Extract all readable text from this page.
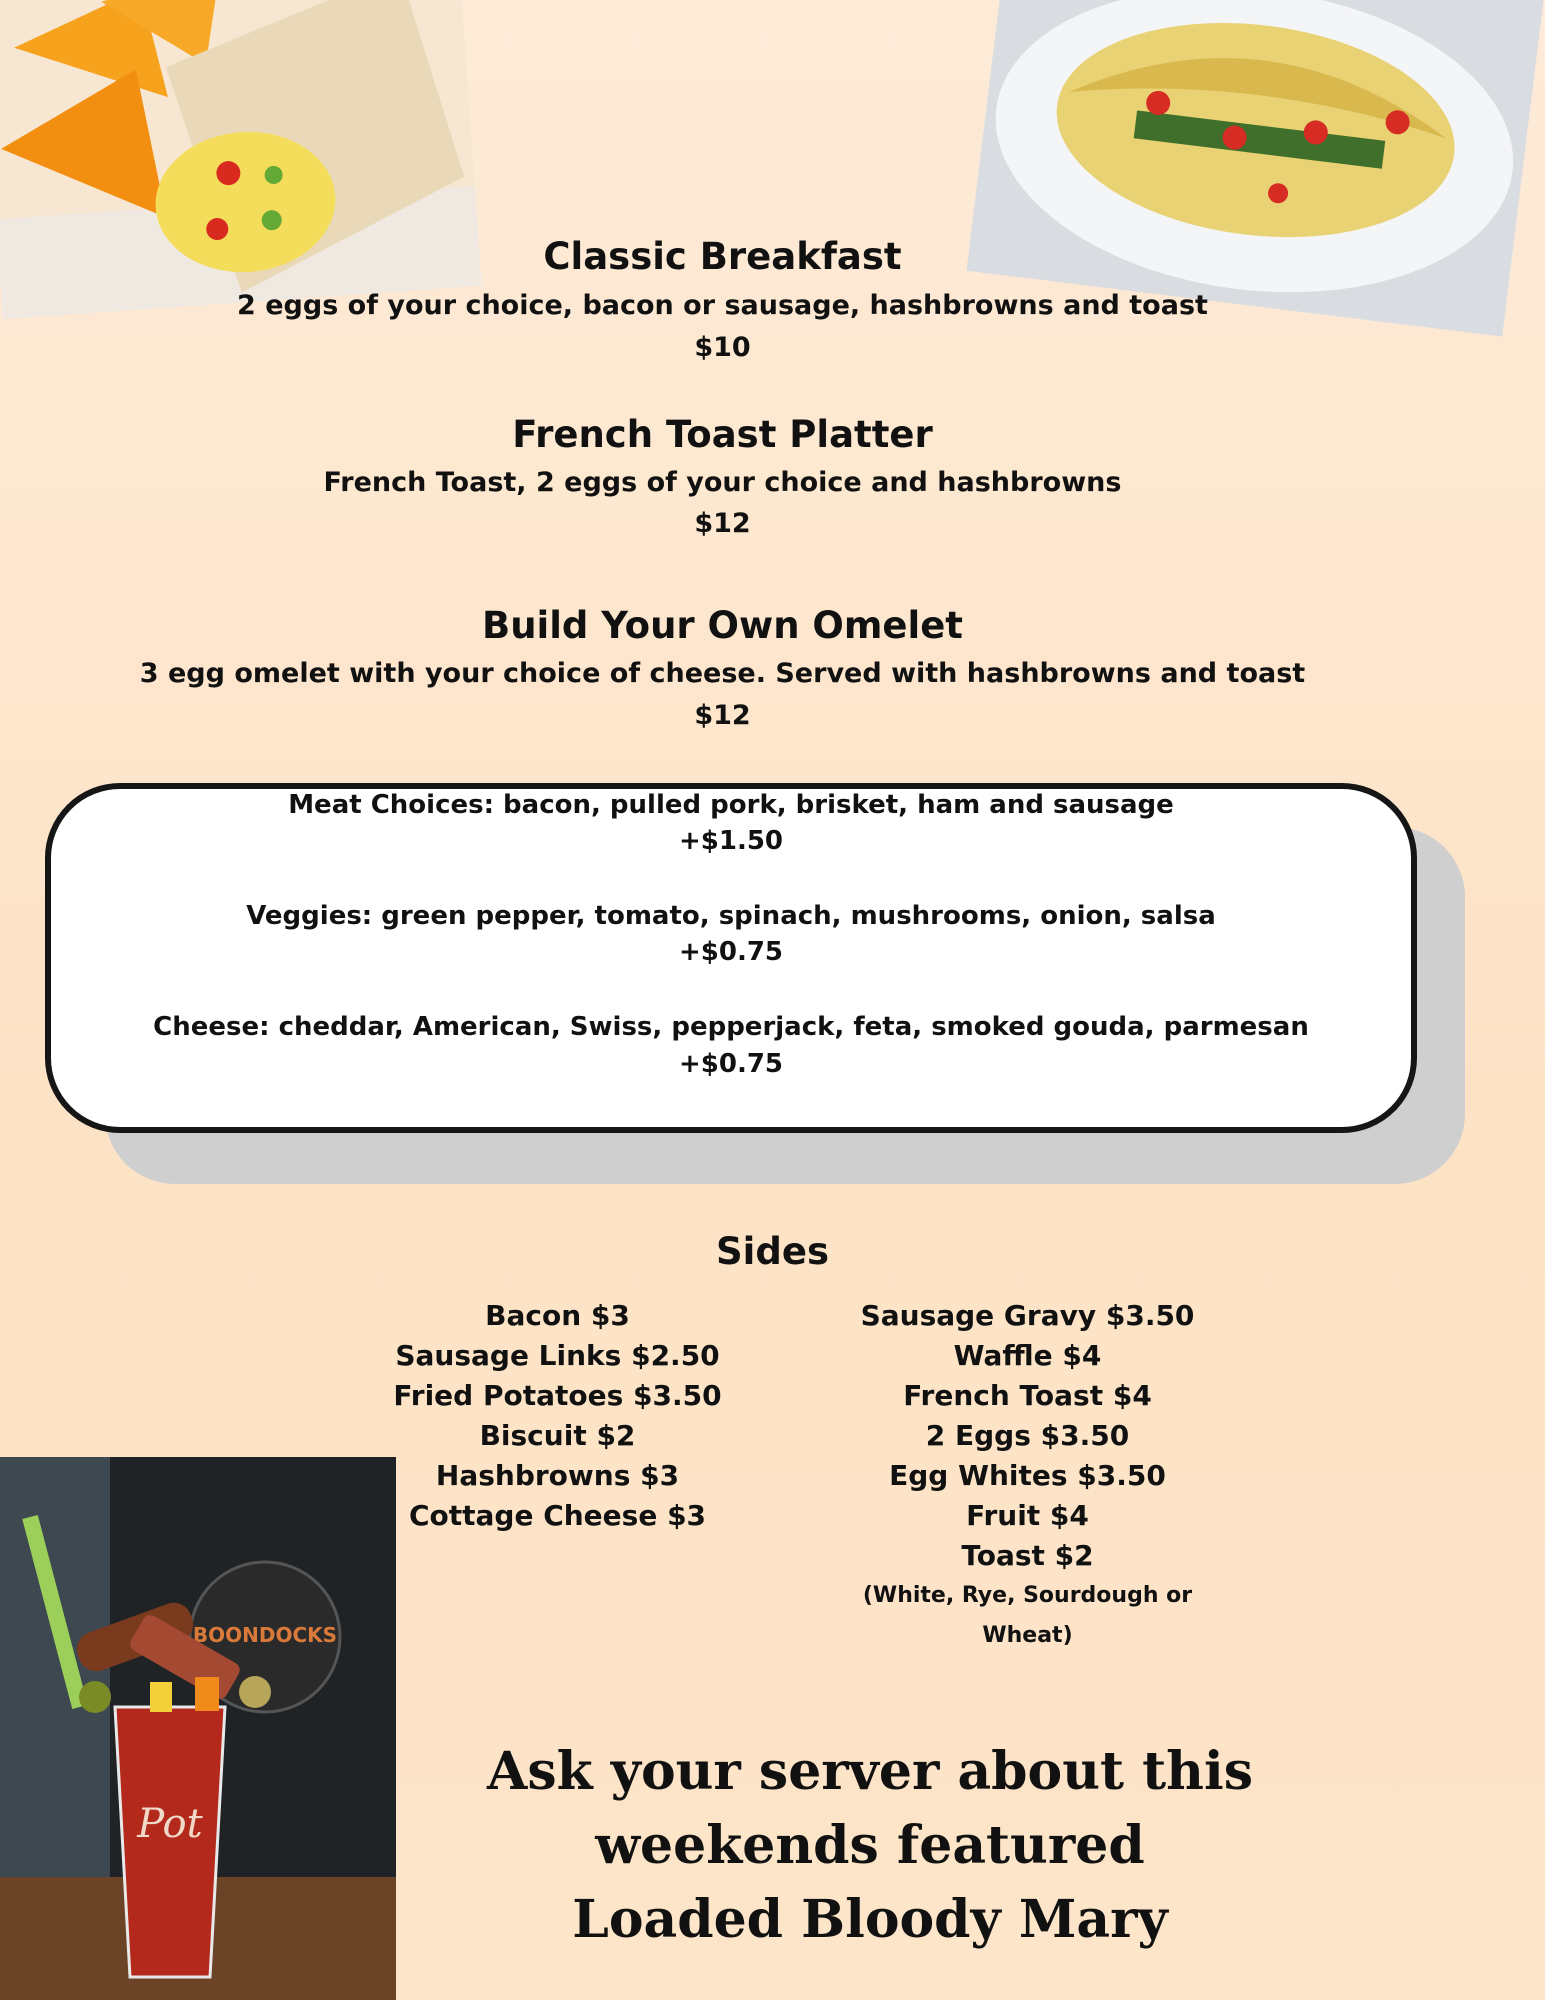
Classic Breakfast
2 eggs of your choice, bacon or sausage, hashbrowns and toast
$10
French Toast Platter
French Toast, 2 eggs of your choice and hashbrowns
$12
Build Your Own Omelet
3 egg omelet with your choice of cheese. Served with hashbrowns and toast
$12
Meat Choices: bacon, pulled pork, brisket, ham and sausage
+$1.50
Veggies: green pepper, tomato, spinach, mushrooms, onion, salsa
+$0.75
Cheese: cheddar, American, Swiss, pepperjack, feta, smoked gouda, parmesan
+$0.75
Sides
Bacon $3
Sausage Links $2.50
Fried Potatoes $3.50
Biscuit $2
Hashbrowns $3
Cottage Cheese $3
Sausage Gravy $3.50
Waffle $4
French Toast $4
2 Eggs $3.50
Egg Whites $3.50
Fruit $4
Toast $2
(White, Rye, Sourdough or Wheat)
BOONDOCKS
Pot
Ask your server about this
weekends featured
Loaded Bloody Mary
